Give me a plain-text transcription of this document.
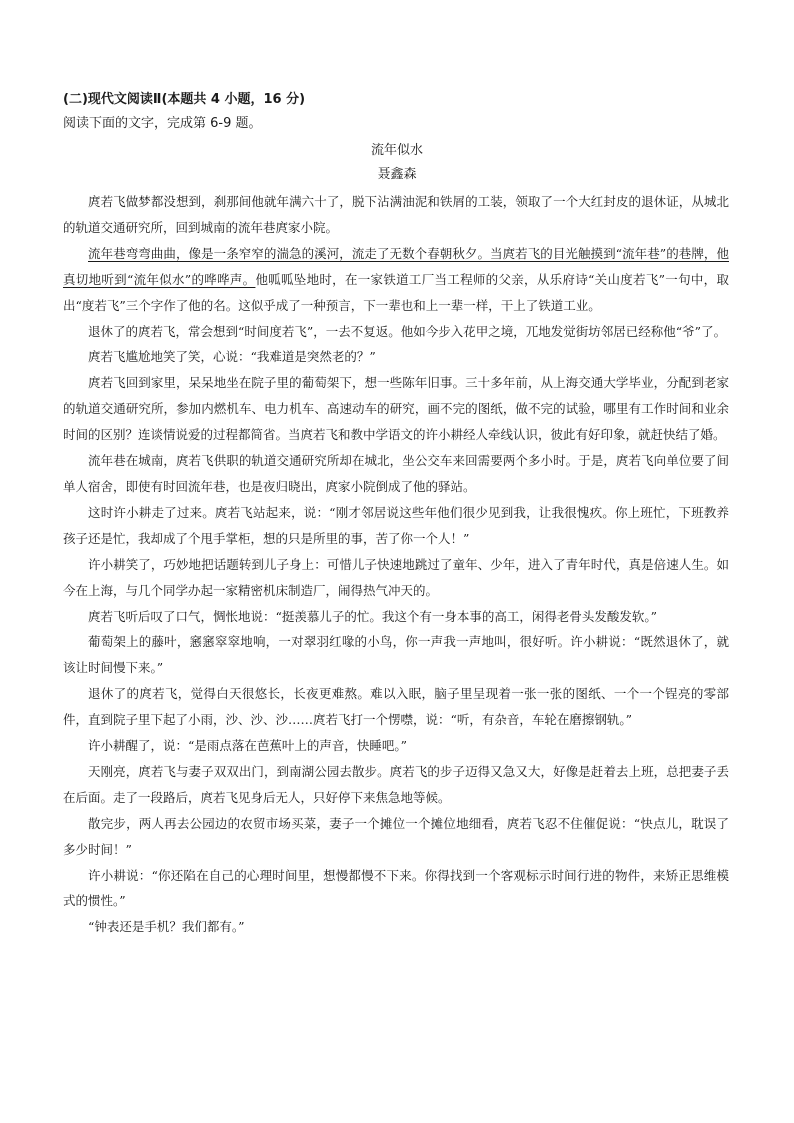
(二)现代文阅读Ⅱ(本题共 4 小题，16 分)
阅读下面的文字，完成第 6-9 题。
流年似水
聂鑫森

庹若飞做梦都没想到，刹那间他就年满六十了，脱下沾满油泥和铁屑的工装，领取了一个大红封皮的退休证，从城北的轨道交通研究所，回到城南的流年巷庹家小院。

流年巷弯弯曲曲，像是一条窄窄的湍急的溪河，流走了无数个春朝秋夕。当庹若飞的目光触摸到“流年巷”的巷牌，他真切地听到“流年似水”的哗哗声。他呱呱坠地时，在一家铁道工厂当工程师的父亲，从乐府诗“关山度若飞”一句中，取出“度若飞”三个字作了他的名。这似乎成了一种预言，下一辈也和上一辈一样，干上了铁道工业。

退休了的庹若飞，常会想到“时间度若飞”，一去不复返。他如今步入花甲之境，兀地发觉街坊邻居已经称他“爷”了。

庹若飞尴尬地笑了笑，心说：“我难道是突然老的？”

庹若飞回到家里，呆呆地坐在院子里的葡萄架下，想一些陈年旧事。三十多年前，从上海交通大学毕业，分配到老家的轨道交通研究所，参加内燃机车、电力机车、高速动车的研究，画不完的图纸，做不完的试验，哪里有工作时间和业余时间的区别？连谈情说爱的过程都简省。当庹若飞和教中学语文的许小耕经人牵线认识，彼此有好印象，就赶快结了婚。

流年巷在城南，庹若飞供职的轨道交通研究所却在城北，坐公交车来回需要两个多小时。于是，庹若飞向单位要了间单人宿舍，即使有时回流年巷，也是夜归晓出，庹家小院倒成了他的驿站。

这时许小耕走了过来。庹若飞站起来，说：“刚才邻居说这些年他们很少见到我，让我很愧疚。你上班忙，下班教养孩子还是忙，我却成了个甩手掌柜，想的只是所里的事，苦了你一个人！”

许小耕笑了，巧妙地把话题转到儿子身上：可惜儿子快速地跳过了童年、少年，进入了青年时代，真是倍速人生。如今在上海，与几个同学办起一家精密机床制造厂，闹得热气冲天的。

庹若飞听后叹了口气，惆怅地说：“挺羡慕儿子的忙。我这个有一身本事的高工，闲得老骨头发酸发软。”

葡萄架上的藤叶，窸窸窣窣地响，一对翠羽红喙的小鸟，你一声我一声地叫，很好听。许小耕说：“既然退休了，就该让时间慢下来。”

退休了的庹若飞，觉得白天很悠长，长夜更难熬。难以入眠，脑子里呈现着一张一张的图纸、一个一个锃亮的零部件，直到院子里下起了小雨，沙、沙、沙……庹若飞打一个愣噤，说：“听，有杂音，车轮在磨擦钢轨。”

许小耕醒了，说：“是雨点落在芭蕉叶上的声音，快睡吧。”

天刚亮，庹若飞与妻子双双出门，到南湖公园去散步。庹若飞的步子迈得又急又大，好像是赶着去上班，总把妻子丢在后面。走了一段路后，庹若飞见身后无人，只好停下来焦急地等候。

散完步，两人再去公园边的农贸市场买菜，妻子一个摊位一个摊位地细看，庹若飞忍不住催促说：“快点儿，耽误了多少时间！”

许小耕说：“你还陷在自己的心理时间里，想慢都慢不下来。你得找到一个客观标示时间行进的物件，来矫正思维模式的惯性。”

“钟表还是手机？我们都有。”
